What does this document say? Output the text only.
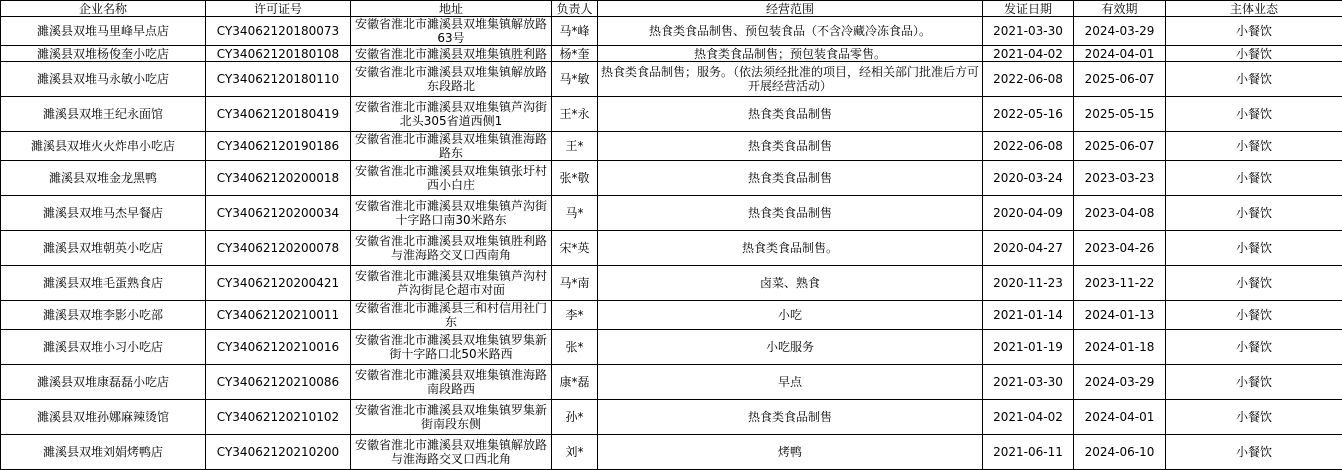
企业名称	许可证号	地址	负责人	经营范围	发证日期	有效期	主体业态
濉溪县双堆马里峰早点店	CY34062120180073	安徽省淮北市濉溪县双堆集镇解放路63号	马*峰	热食类食品制售、预包装食品（不含冷藏冷冻食品）。	2021-03-30	2024-03-29	小餐饮
濉溪县双堆杨俊奎小吃店	CY34062120180108	安徽省淮北市濉溪县双堆集镇胜利路	杨*奎	热食类食品制售；预包装食品零售。	2021-04-02	2024-04-01	小餐饮
濉溪县双堆马永敏小吃店	CY34062120180110	安徽省淮北市濉溪县双堆集镇解放路东段路北	马*敏	热食类食品制售；服务。（依法须经批准的项目，经相关部门批准后方可开展经营活动）	2022-06-08	2025-06-07	小餐饮
濉溪县双堆王纪永面馆	CY34062120180419	安徽省淮北市濉溪县双堆集镇芦沟街北头305省道西侧1	王*永	热食类食品制售	2022-05-16	2025-05-15	小餐饮
濉溪县双堆火火炸串小吃店	CY34062120190186	安徽省淮北市濉溪县双堆集镇淮海路路东	王*	热食类食品制售	2022-06-08	2025-06-07	小餐饮
濉溪县双堆金龙黑鸭	CY34062120200018	安徽省淮北市濉溪县双堆集镇张圩村西小白庄	张*敬	热食类食品制售	2020-03-24	2023-03-23	小餐饮
濉溪县双堆马杰早餐店	CY34062120200034	安徽省淮北市濉溪县双堆集镇芦沟街十字路口南30米路东	马*	热食类食品制售	2020-04-09	2023-04-08	小餐饮
濉溪县双堆朝英小吃店	CY34062120200078	安徽省淮北市濉溪县双堆集镇胜利路与淮海路交叉口西南角	宋*英	热食类食品制售。	2020-04-27	2023-04-26	小餐饮
濉溪县双堆毛蛋熟食店	CY34062120200421	安徽省淮北市濉溪县双堆集镇芦沟村芦沟街昆仑超市对面	马*南	卤菜、熟食	2020-11-23	2023-11-22	小餐饮
濉溪县双堆李影小吃部	CY34062120210011	安徽省淮北市濉溪县三和村信用社门东	李*	小吃	2021-01-14	2024-01-13	小餐饮
濉溪县双堆小习小吃店	CY34062120210016	安徽省淮北市濉溪县双堆集镇罗集新街十字路口北50米路西	张*	小吃服务	2021-01-19	2024-01-18	小餐饮
濉溪县双堆康磊磊小吃店	CY34062120210086	安徽省淮北市濉溪县双堆集镇淮海路南段路西	康*磊	早点	2021-03-30	2024-03-29	小餐饮
濉溪县双堆孙娜麻辣烫馆	CY34062120210102	安徽省淮北市濉溪县双堆集镇罗集新街南段东侧	孙*	热食类食品制售	2021-04-02	2024-04-01	小餐饮
濉溪县双堆刘娟烤鸭店	CY34062120210200	安徽省淮北市濉溪县双堆集镇解放路与淮海路交叉口西北角	刘*	烤鸭	2021-06-11	2024-06-10	小餐饮
